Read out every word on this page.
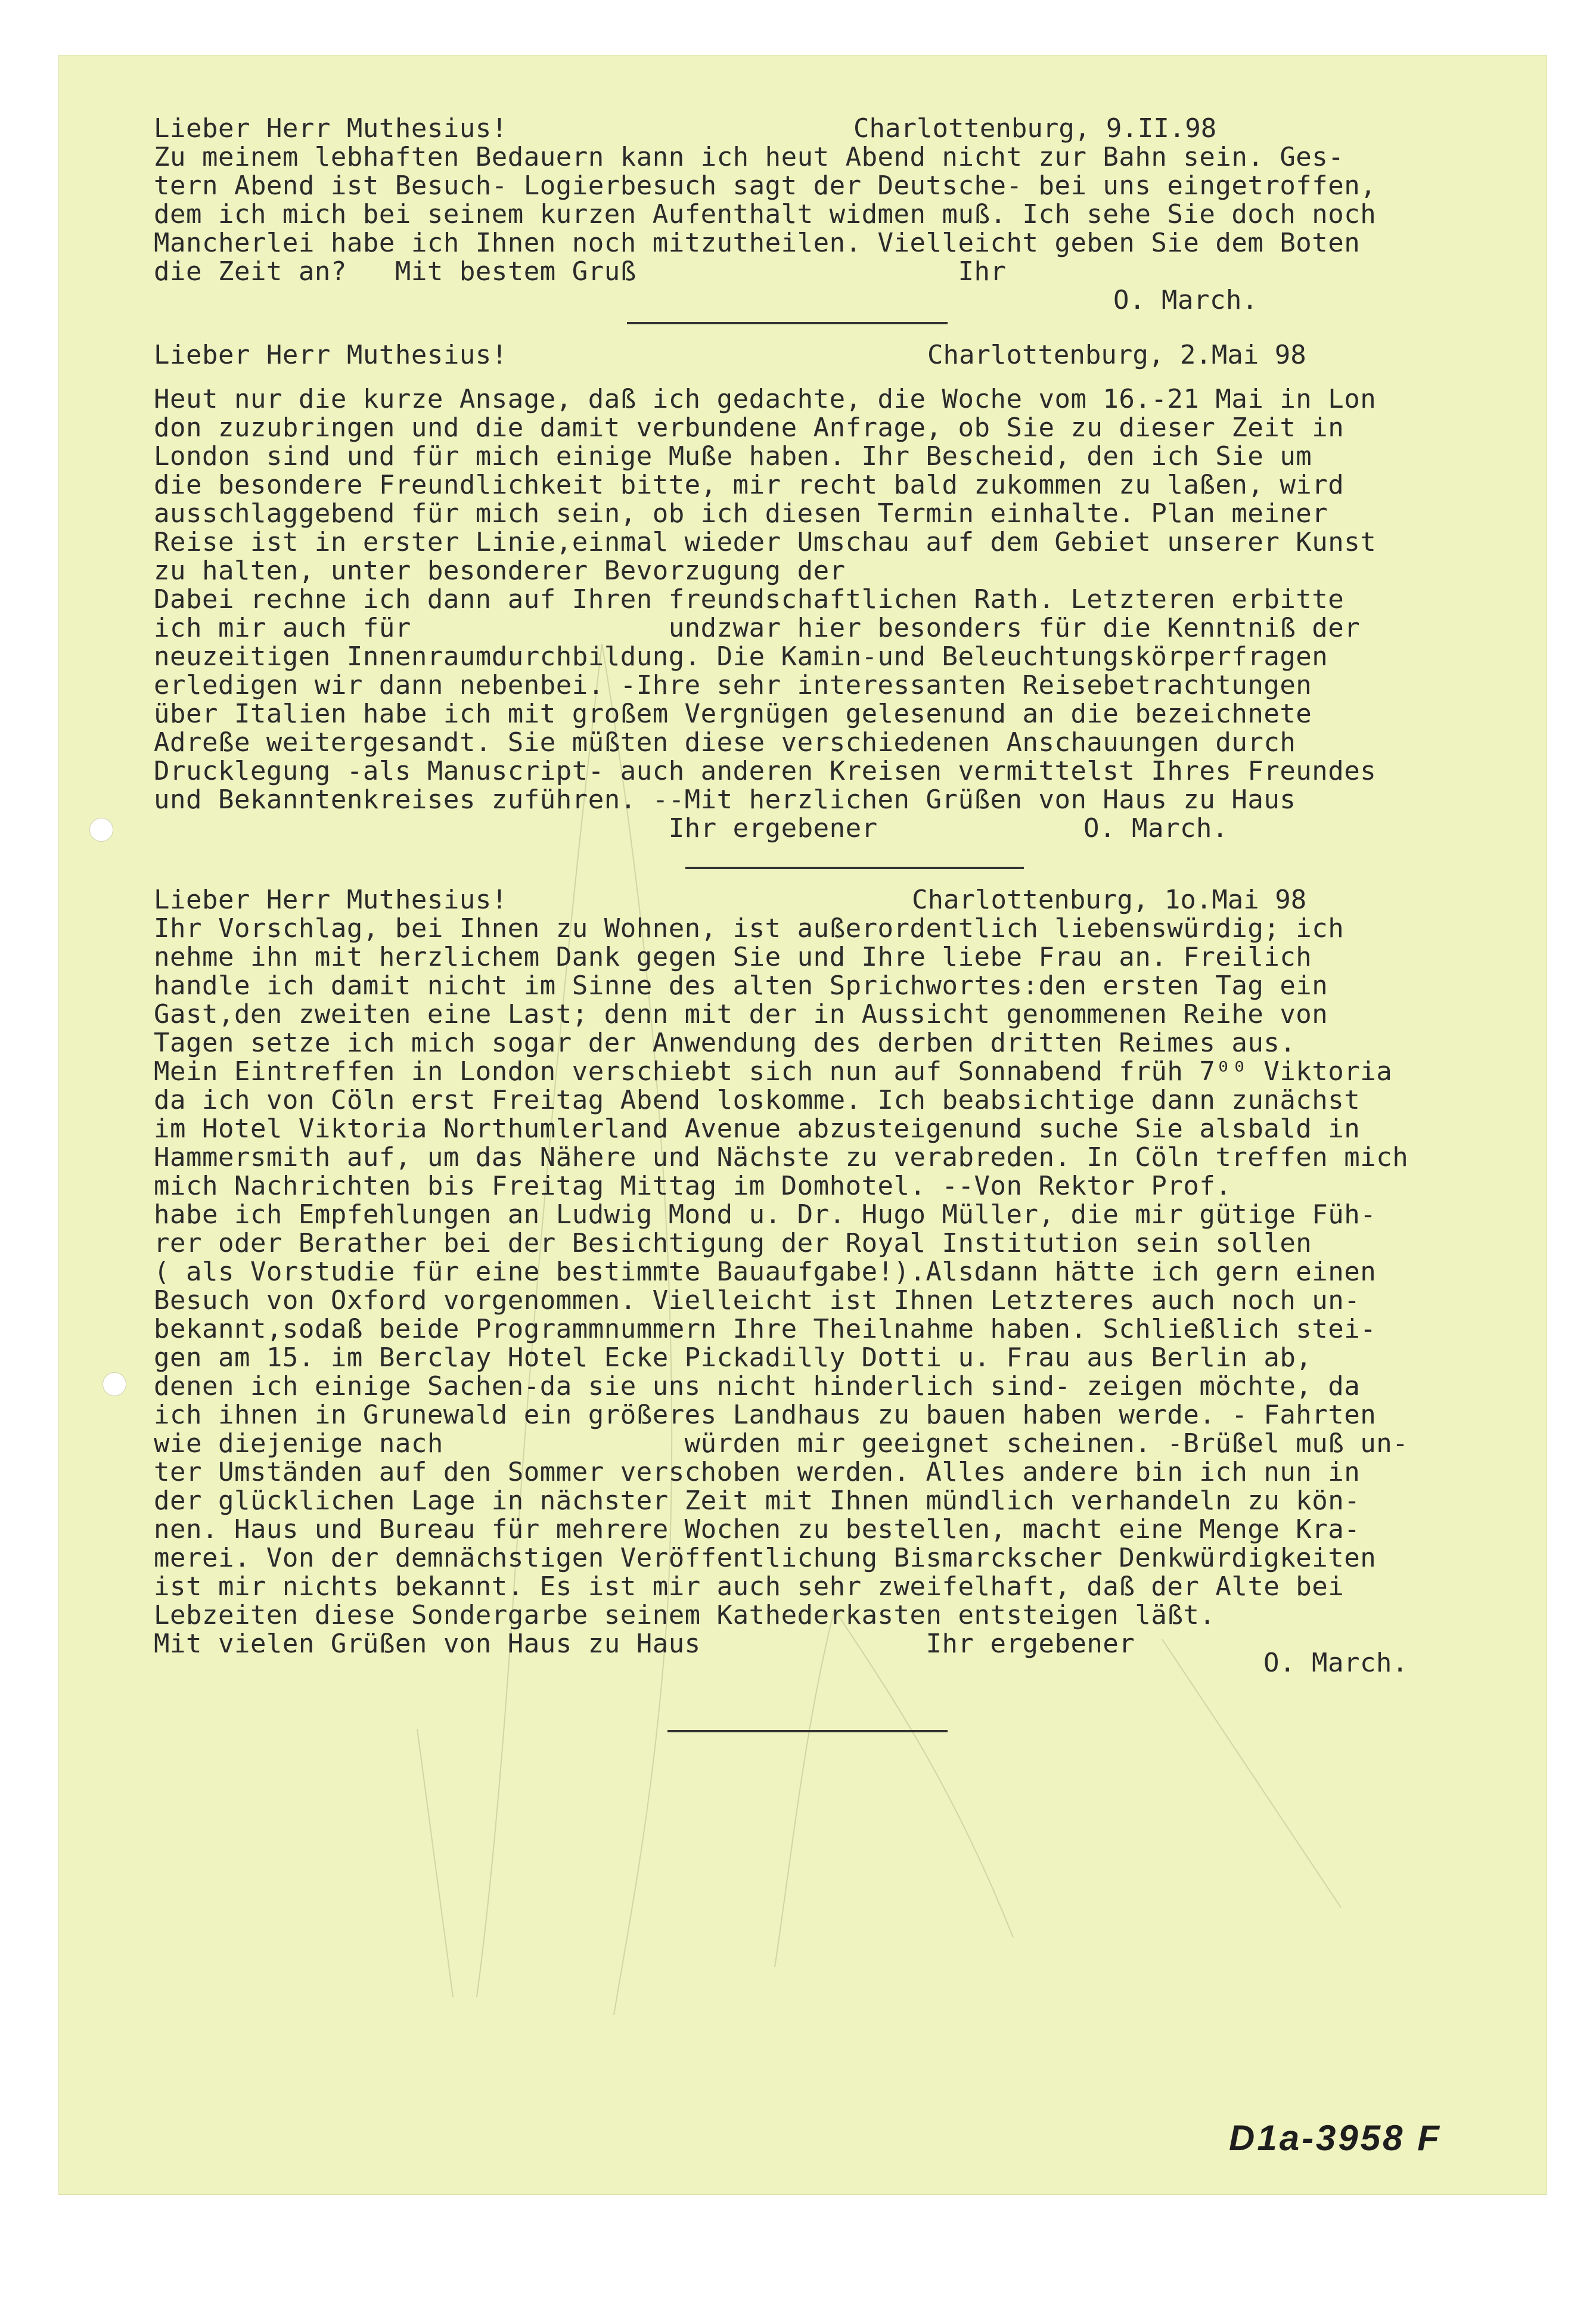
Lieber Herr Muthesius!	Charlottenburg, 9.II.98

Zu meinem lebhaften Bedauern kann ich heut Abend nicht zur Bahn sein. Ges-

tern Abend ist Besuch- Logierbesuch sagt der Deutsche- bei uns eingetroffen,

dem ich mich bei seinem kurzen Aufenthalt widmen muß. Ich sehe Sie doch noch

Mancherlei habe ich Ihnen noch mitzutheilen. Vielleicht geben Sie dem Boten

die Zeit an?   Mit bestem Gruß                    Ihr

O. March.

Lieber Herr Muthesius!	Charlottenburg, 2.Mai 98

Heut nur die kurze Ansage, daß ich gedachte, die Woche vom 16.-21 Mai in Lon

don zuzubringen und die damit verbundene Anfrage, ob Sie zu dieser Zeit in

London sind und für mich einige Muße haben. Ihr Bescheid, den ich Sie um

die besondere Freundlichkeit bitte, mir recht bald zukommen zu laßen, wird

ausschlaggebend für mich sein, ob ich diesen Termin einhalte. Plan meiner

Reise ist in erster Linie,einmal wieder Umschau auf dem Gebiet unserer Kunst

zu halten, unter besonderer Bevorzugung der

Dabei rechne ich dann auf Ihren freundschaftlichen Rath. Letzteren erbitte

ich mir auch für                undzwar hier besonders für die Kenntniß der

neuzeitigen Innenraumdurchbildung. Die Kamin-und Beleuchtungskörperfragen

erledigen wir dann nebenbei. -Ihre sehr interessanten Reisebetrachtungen

über Italien habe ich mit großem Vergnügen gelesenund an die bezeichnete

Adreße weitergesandt. Sie müßten diese verschiedenen Anschauungen durch

Drucklegung -als Manuscript- auch anderen Kreisen vermittelst Ihres Freundes

und Bekanntenkreises zuführen. --Mit herzlichen Grüßen von Haus zu Haus

Ihr ergebener	O. March.

Lieber Herr Muthesius!	Charlottenburg, 1o.Mai 98

Ihr Vorschlag, bei Ihnen zu Wohnen, ist außerordentlich liebenswürdig; ich

nehme ihn mit herzlichem Dank gegen Sie und Ihre liebe Frau an. Freilich

handle ich damit nicht im Sinne des alten Sprichwortes:den ersten Tag ein

Gast,den zweiten eine Last; denn mit der in Aussicht genommenen Reihe von

Tagen setze ich mich sogar der Anwendung des derben dritten Reimes aus.

Mein Eintreffen in London verschiebt sich nun auf Sonnabend früh 7⁰⁰ Viktoria

da ich von Cöln erst Freitag Abend loskomme. Ich beabsichtige dann zunächst

im Hotel Viktoria Northumlerland Avenue abzusteigenund suche Sie alsbald in

Hammersmith auf, um das Nähere und Nächste zu verabreden. In Cöln treffen mich

mich Nachrichten bis Freitag Mittag im Domhotel. --Von Rektor Prof.

habe ich Empfehlungen an Ludwig Mond u. Dr. Hugo Müller, die mir gütige Füh-

rer oder Berather bei der Besichtigung der Royal Institution sein sollen

( als Vorstudie für eine bestimmte Bauaufgabe!).Alsdann hätte ich gern einen

Besuch von Oxford vorgenommen. Vielleicht ist Ihnen Letzteres auch noch un-

bekannt,sodaß beide Programmnummern Ihre Theilnahme haben. Schließlich stei-

gen am 15. im Berclay Hotel Ecke Pickadilly Dotti u. Frau aus Berlin ab,

denen ich einige Sachen-da sie uns nicht hinderlich sind- zeigen möchte, da

ich ihnen in Grunewald ein größeres Landhaus zu bauen haben werde. - Fahrten

wie diejenige nach               würden mir geeignet scheinen. -Brüßel muß un-

ter Umständen auf den Sommer verschoben werden. Alles andere bin ich nun in

der glücklichen Lage in nächster Zeit mit Ihnen mündlich verhandeln zu kön-

nen. Haus und Bureau für mehrere Wochen zu bestellen, macht eine Menge Kra-

merei. Von der demnächstigen Veröffentlichung Bismarckscher Denkwürdigkeiten

ist mir nichts bekannt. Es ist mir auch sehr zweifelhaft, daß der Alte bei

Lebzeiten diese Sondergarbe seinem Kathederkasten entsteigen läßt.

Mit vielen Grüßen von Haus zu Haus              Ihr ergebener

O. March.

D1a-3958 F
